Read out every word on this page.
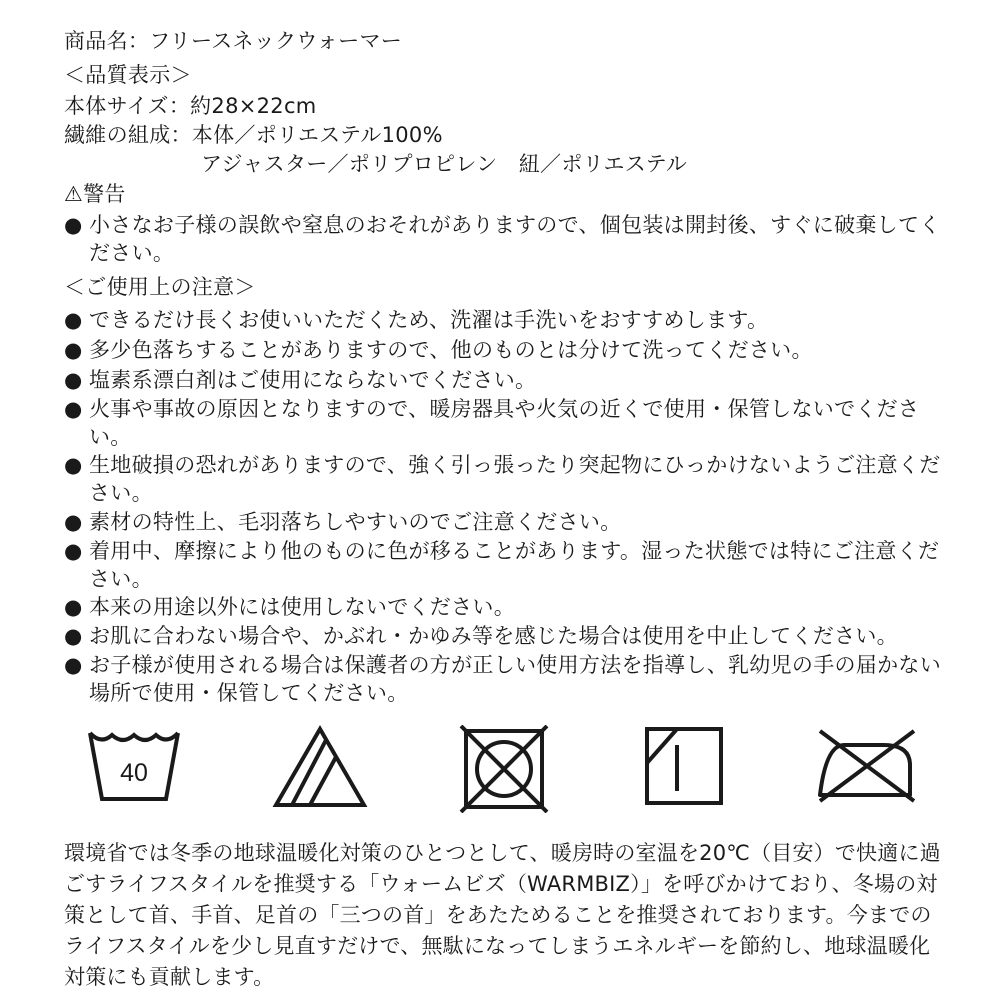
商品名：フリースネックウォーマー
＜品質表示＞
本体サイズ：約28×22cm
繊維の組成：本体／ポリエステル100%
アジャスター／ポリプロピレン　紐／ポリエステル
⚠警告
● 小さなお子様の誤飲や窒息のおそれがありますので、個包装は開封後、すぐに破棄してください。
＜ご使用上の注意＞
● できるだけ長くお使いいただくため、洗濯は手洗いをおすすめします。
● 多少色落ちすることがありますので、他のものとは分けて洗ってください。
● 塩素系漂白剤はご使用にならないでください。
● 火事や事故の原因となりますので、暖房器具や火気の近くで使用・保管しないでください。
● 生地破損の恐れがありますので、強く引っ張ったり突起物にひっかけないようご注意ください。
● 素材の特性上、毛羽落ちしやすいのでご注意ください。
● 着用中、摩擦により他のものに色が移ることがあります。湿った状態では特にご注意ください。
● 本来の用途以外には使用しないでください。
● お肌に合わない場合や、かぶれ・かゆみ等を感じた場合は使用を中止してください。
● お子様が使用される場合は保護者の方が正しい使用方法を指導し、乳幼児の手の届かない場所で使用・保管してください。
40
環境省では冬季の地球温暖化対策のひとつとして、暖房時の室温を20℃（目安）で快適に過ごすライフスタイルを推奨する「ウォームビズ（WARMBIZ）」を呼びかけており、冬場の対策として首、手首、足首の「三つの首」をあたためることを推奨されております。今までのライフスタイルを少し見直すだけで、無駄になってしまうエネルギーを節約し、地球温暖化対策にも貢献します。
